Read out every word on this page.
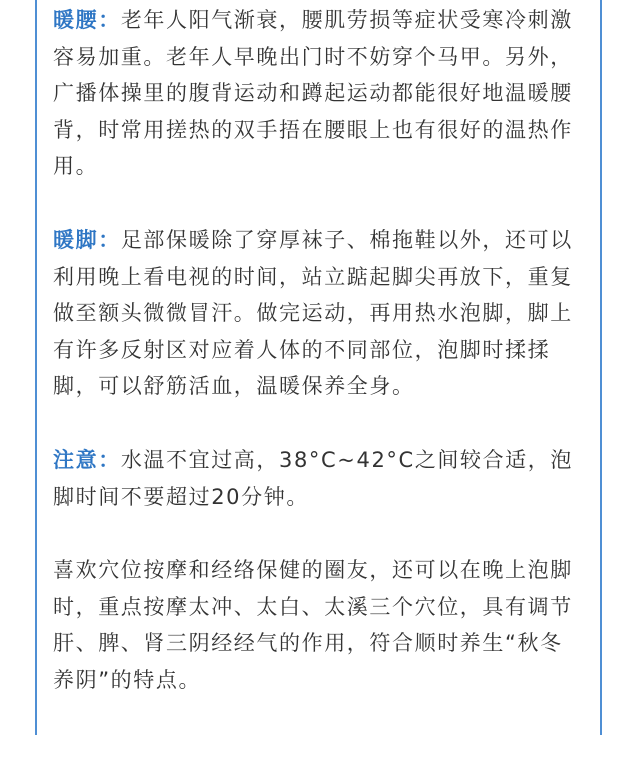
暖腰：老年人阳气渐衰，腰肌劳损等症状受寒冷刺激容易加重。老年人早晚出门时不妨穿个马甲。另外，广播体操里的腹背运动和蹲起运动都能很好地温暖腰背，时常用搓热的双手捂在腰眼上也有很好的温热作用。

暖脚：足部保暖除了穿厚袜子、棉拖鞋以外，还可以利用晚上看电视的时间，站立踮起脚尖再放下，重复做至额头微微冒汗。做完运动，再用热水泡脚，脚上有许多反射区对应着人体的不同部位，泡脚时揉揉脚，可以舒筋活血，温暖保养全身。

注意：水温不宜过高，38°C~42°C之间较合适，泡脚时间不要超过20分钟。

喜欢穴位按摩和经络保健的圈友，还可以在晚上泡脚时，重点按摩太冲、太白、太溪三个穴位，具有调节肝、脾、肾三阴经经气的作用，符合顺时养生“秋冬养阴”的特点。
